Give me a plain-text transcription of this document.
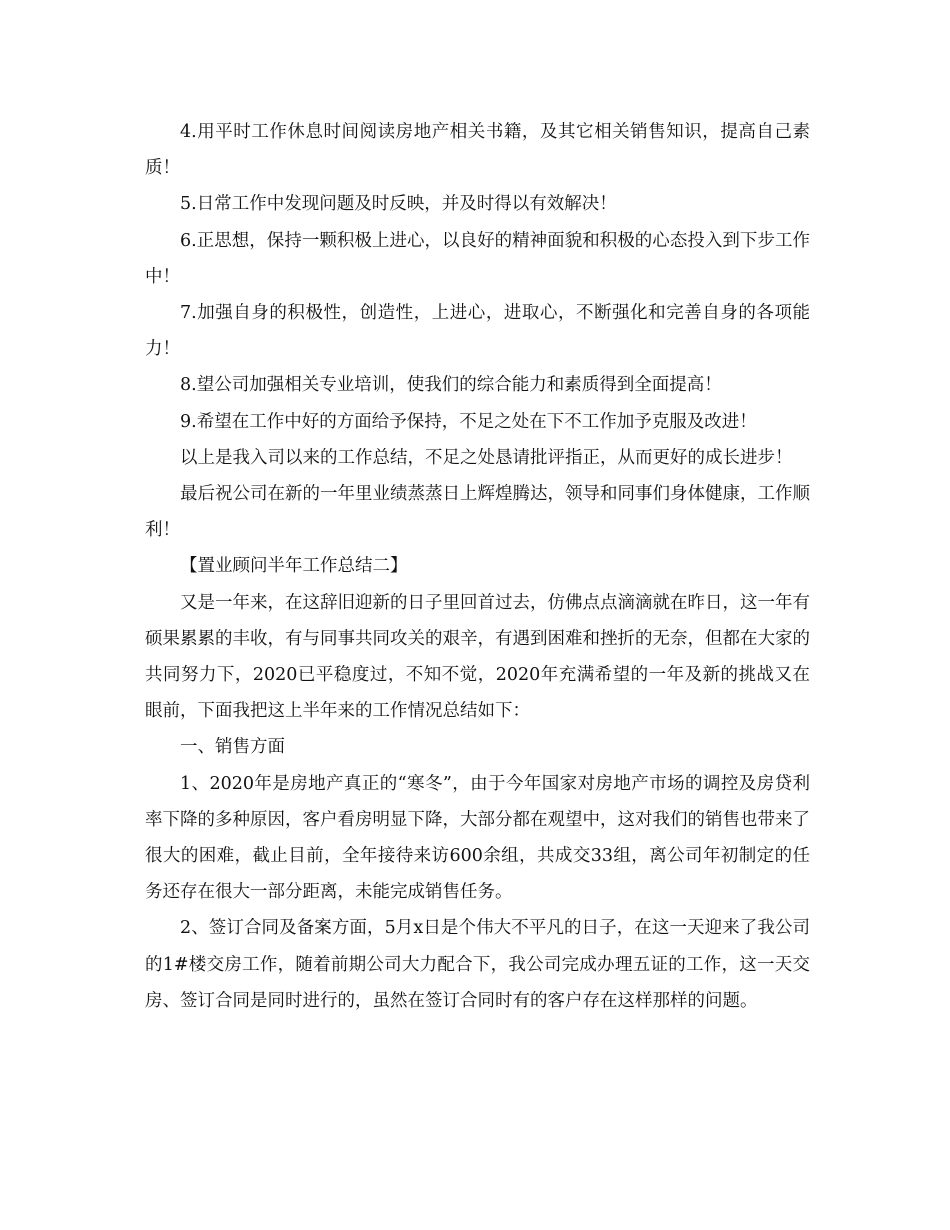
4.用平时工作休息时间阅读房地产相关书籍，及其它相关销售知识，提高自己素质！

5.日常工作中发现问题及时反映，并及时得以有效解决！

6.正思想，保持一颗积极上进心，以良好的精神面貌和积极的心态投入到下步工作中！

7.加强自身的积极性，创造性，上进心，进取心，不断强化和完善自身的各项能力！

8.望公司加强相关专业培训，使我们的综合能力和素质得到全面提高！

9.希望在工作中好的方面给予保持，不足之处在下不工作加予克服及改进！

以上是我入司以来的工作总结，不足之处恳请批评指正，从而更好的成长进步！

最后祝公司在新的一年里业绩蒸蒸日上辉煌腾达，领导和同事们身体健康，工作顺利！

【置业顾问半年工作总结二】

又是一年来，在这辞旧迎新的日子里回首过去，仿佛点点滴滴就在昨日，这一年有硕果累累的丰收，有与同事共同攻关的艰辛，有遇到困难和挫折的无奈，但都在大家的共同努力下，2020已平稳度过，不知不觉，2020年充满希望的一年及新的挑战又在眼前，下面我把这上半年来的工作情况总结如下：

一、销售方面

1、2020年是房地产真正的“寒冬”，由于今年国家对房地产市场的调控及房贷利率下降的多种原因，客户看房明显下降，大部分都在观望中，这对我们的销售也带来了很大的困难，截止目前，全年接待来访600余组，共成交33组，离公司年初制定的任务还存在很大一部分距离，未能完成销售任务。

2、签订合同及备案方面，5月x日是个伟大不平凡的日子，在这一天迎来了我公司的1#楼交房工作，随着前期公司大力配合下，我公司完成办理五证的工作，这一天交房、签订合同是同时进行的，虽然在签订合同时有的客户存在这样那样的问题。
